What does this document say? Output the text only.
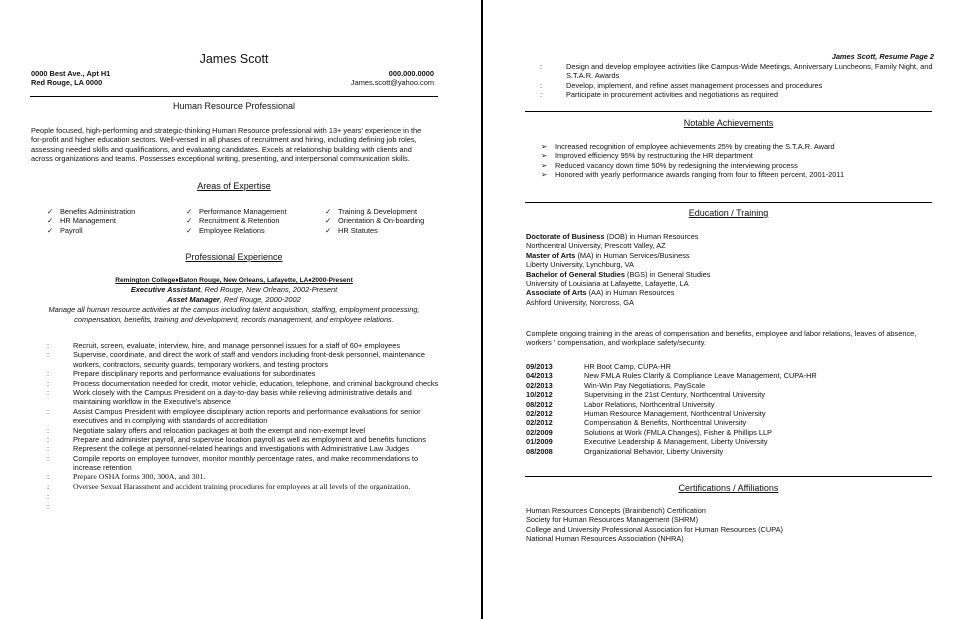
James Scott
0000 Best Ave., Apt H1
Red Rouge, LA 0000
000.000.0000
James.scott@yahoo.com
Human Resource Professional
People focused, high-performing and strategic-thinking Human Resource professional with 13+ years' experience in the for-profit and higher education sectors. Well-versed in all phases of recruitment and hiring, including defining job roles, assessing needed skills and qualifications, and evaluating candidates. Excels at relationship building with clients and across organizations and teams. Possesses exceptional writing, presenting, and interpersonal communication skills.
Areas of Expertise
✓ Benefits Administration	✓ Performance Management	✓ Training & Development
✓ HR Management	✓ Recruitment & Retention	✓ Orientation & On-boarding
✓ Payroll	✓ Employee Relations	✓ HR Statutes
Professional Experience
Remington College♦Baton Rouge, New Orleans, Lafayette, LA♦2000-Present
Executive Assistant, Red Rouge, New Orleans, 2002-Present
Asset Manager, Red Rouge, 2000-2002
Manage all human resource activities at the campus including talent acquisition, staffing, employment processing, compensation, benefits, training and development, records management, and employee relations.
:	Recruit, screen, evaluate, interview, hire, and manage personnel issues for a staff of 60+ employees
:	Supervise, coordinate, and direct the work of staff and vendors including front-desk personnel, maintenance workers, contractors, security guards, temporary workers, and testing proctors
:	Prepare disciplinary reports and performance evaluations for subordinates
:	Process documentation needed for credit, motor vehicle, education, telephone, and criminal background checks
:	Work closely with the Campus President on a day-to-day basis while relieving administrative details and maintaining workflow in the Executive's absence
:	Assist Campus President with employee disciplinary action reports and performance evaluations for senior executives and in complying with standards of accreditation
:	Negotiate salary offers and relocation packages at both the exempt and non-exempt level
:	Prepare and administer payroll, and supervise location payroll as well as employment and benefits functions
:	Represent the college at personnel-related hearings and investigations with Administrative Law Judges
:	Compile reports on employee turnover, monitor monthly percentage rates, and make recommendations to increase retention
:	Prepare OSHA forms 300, 300A, and 301.
:	Oversee Sexual Harassment and accident training procedures for employees at all levels of the organization.
:
:
James Scott, Resume Page 2
:	Design and develop employee activities like Campus-Wide Meetings, Anniversary Luncheons, Family Night, and S.T.A.R. Awards
:	Develop, implement, and refine asset management processes and procedures
:	Participate in procurement activities and negotiations as required
Notable Achievements
➢	Increased recognition of employee achievements 25% by creating the S.T.A.R. Award
➢	Improved efficiency 95% by restructuring the HR department
➢	Reduced vacancy down time 50% by redesigning the interviewing process
➢	Honored with yearly performance awards ranging from four to fifteen percent, 2001-2011
Education / Training
Doctorate of Business (DOB) in Human Resources
Northcentral University, Prescott Valley, AZ
Master of Arts (MA) in Human Services/Business
Liberty University, Lynchburg, VA
Bachelor of General Studies (BGS) in General Studies
University of Louisiana at Lafayette, Lafayette, LA
Associate of Arts (AA) in Human Resources
Ashford University, Norcross, GA
Complete ongoing training in the areas of compensation and benefits, employee and labor relations, leaves of absence, workers ' compensation, and workplace safety/security.
09/2013	HR Boot Camp, CUPA-HR
04/2013	New FMLA Rules Clarify & Compliance Leave Management, CUPA-HR
02/2013	Win-Win Pay Negotiations, PayScale
10/2012	Supervising in the 21st Century, Northcentral University
08/2012	Labor Relations, Northcentral University
02/2012	Human Resource Management, Northcentral University
02/2012	Compensation & Benefits, Northcentral University
02/2009	Solutions at Work (FMLA Changes), Fisher & Phillips LLP
01/2009	Executive Leadership & Management, Liberty University
08/2008	Organizational Behavior, Liberty University
Certifications / Affiliations
Human Resources Concepts (Brainbench) Certification
Society for Human Resources Management (SHRM)
College and University Professional Association for Human Resources (CUPA)
National Human Resources Association (NHRA)
